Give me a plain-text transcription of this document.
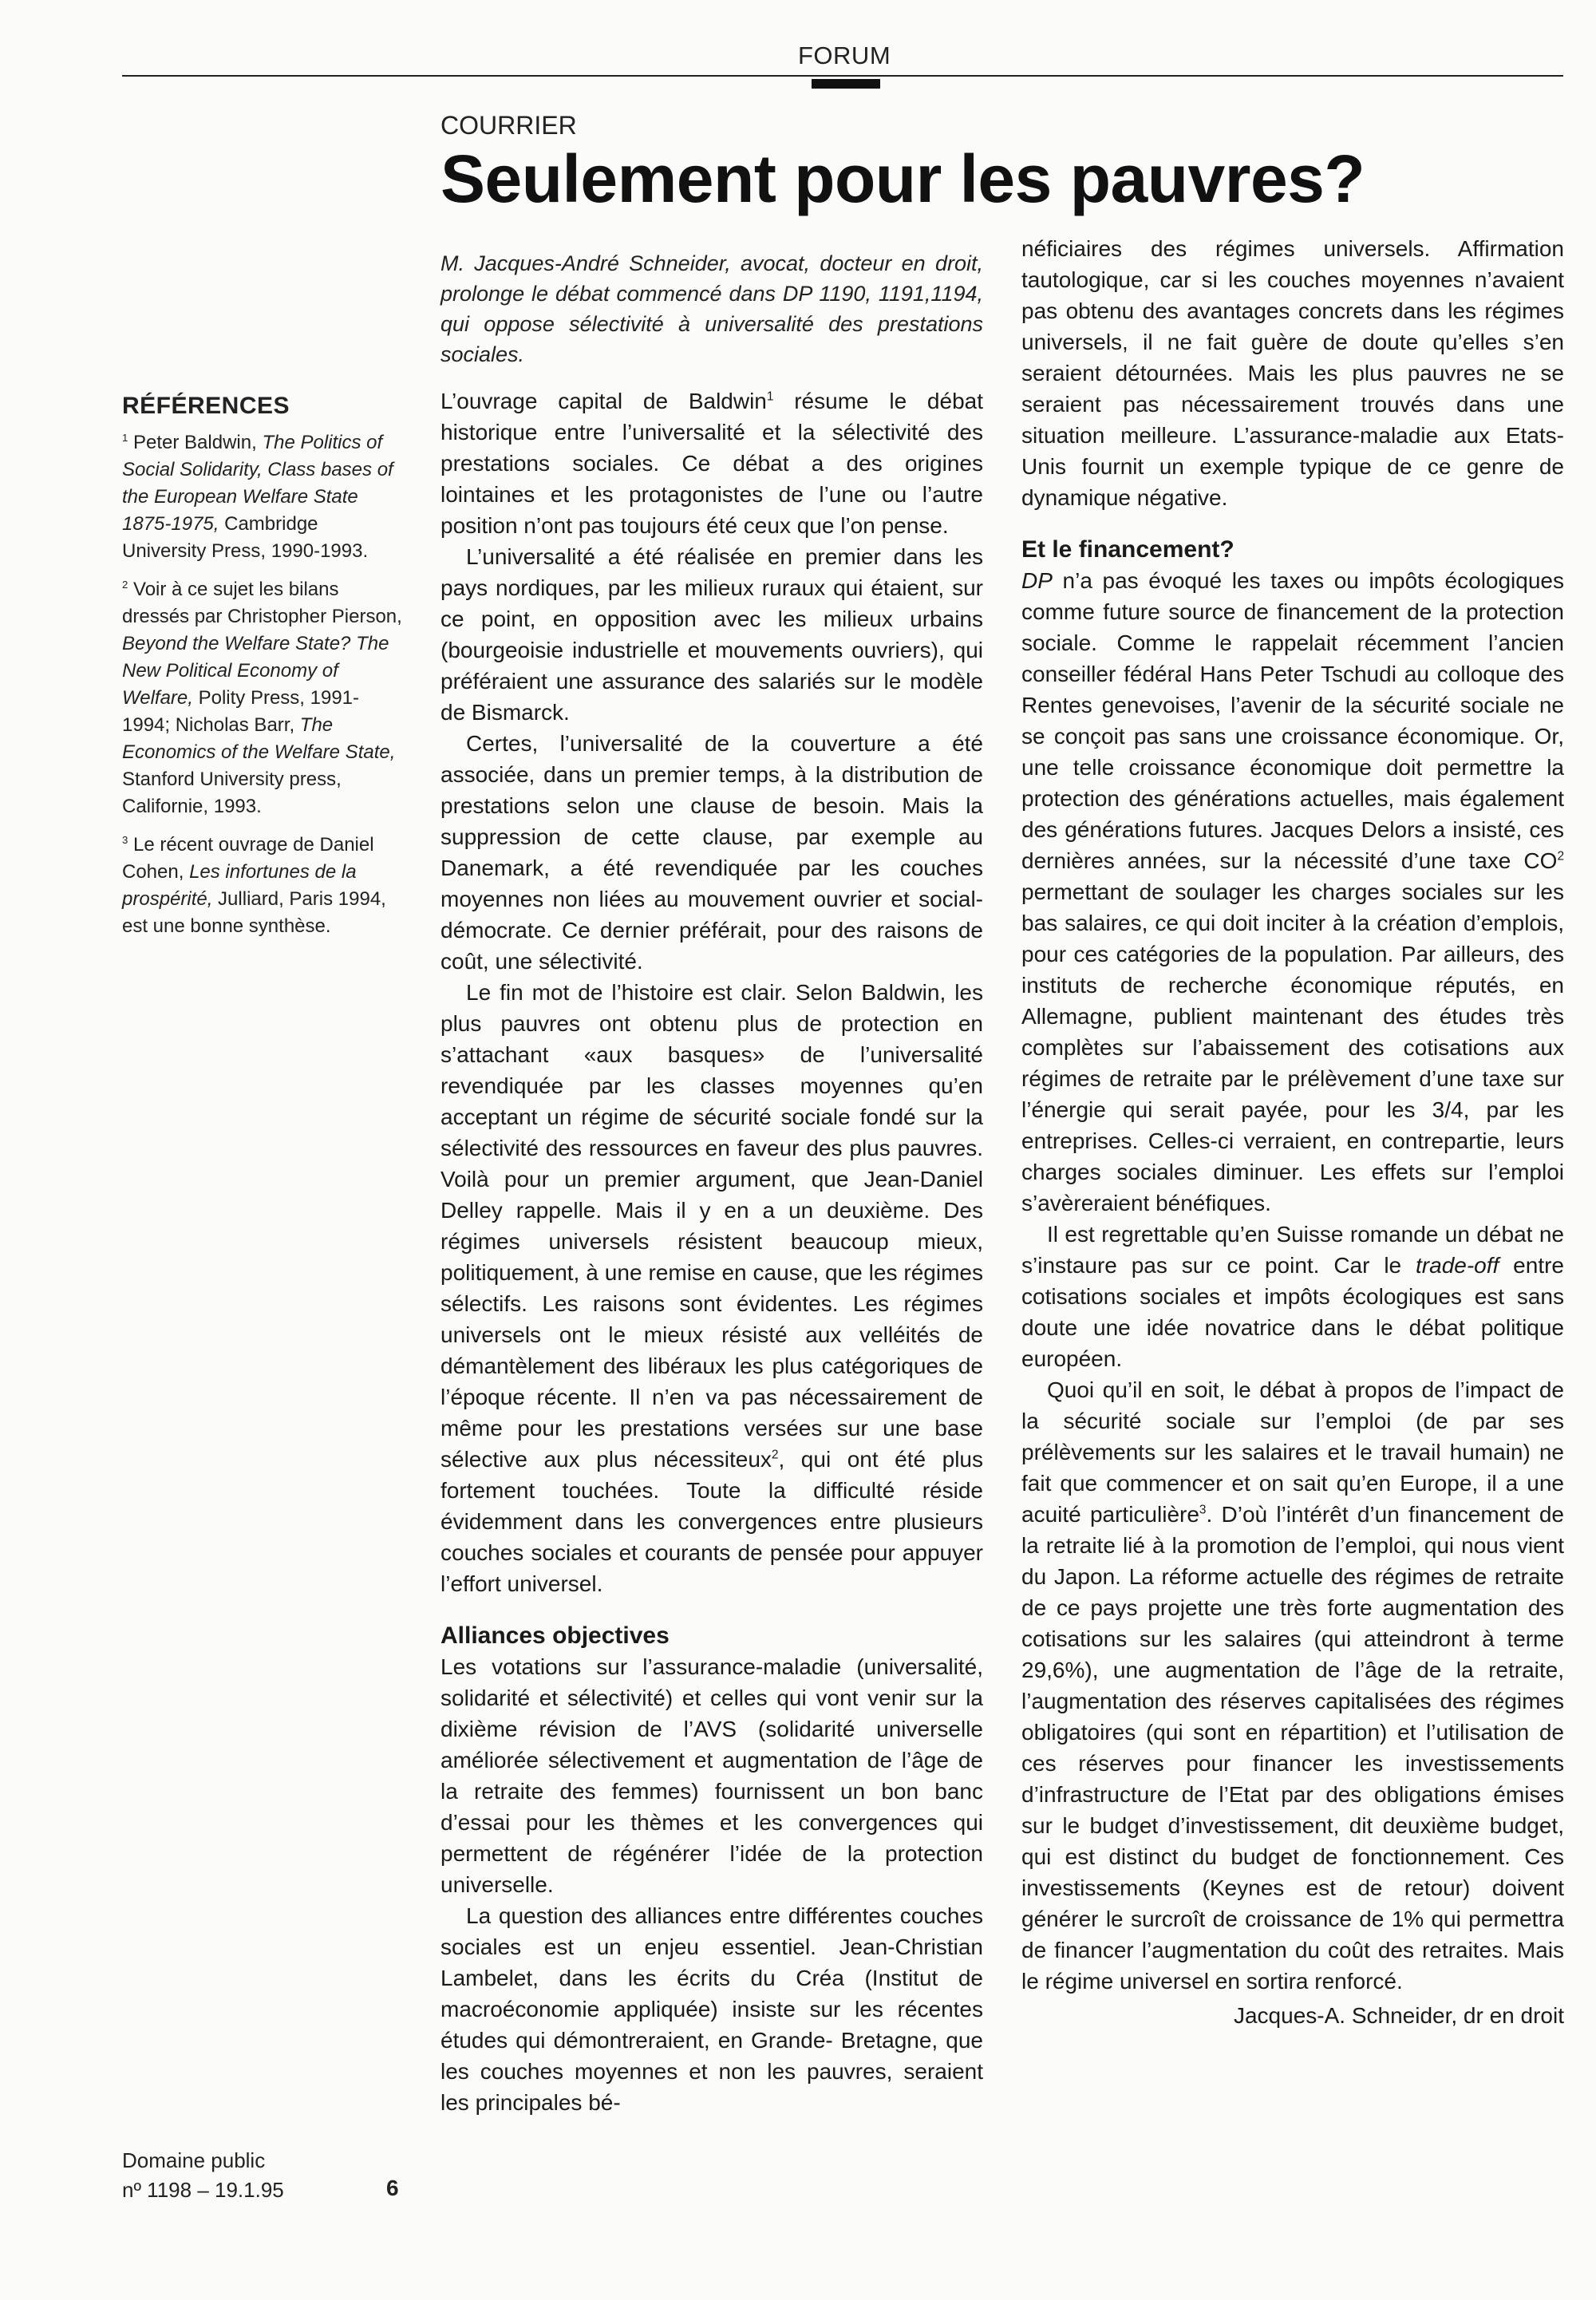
FORUM
COURRIER
Seulement pour les pauvres?
M. Jacques-André Schneider, avocat, docteur en droit, prolonge le débat commencé dans DP 1190, 1191,1194, qui oppose sélectivité à universalité des prestations sociales.
RÉFÉRENCES

$^1$ Peter Baldwin, The Politics of Social Solidarity, Class bases of the European Welfare State 1875-1975, Cambridge University Press, 1990-1993.

$^2$ Voir à ce sujet les bilans dressés par Christopher Pierson, Beyond the Welfare State? The New Political Economy of Welfare, Polity Press, 1991-1994; Nicholas Barr, The Economics of the Welfare State, Stanford University press, Californie, 1993.

$^3$ Le récent ouvrage de Daniel Cohen, Les infortunes de la prospérité, Julliard, Paris 1994, est une bonne synthèse.

L’ouvrage capital de Baldwin$^1$ résume le débat historique entre l’universalité et la sélectivité des prestations sociales. Ce débat a des origines lointaines et les protagonistes de l’une ou l’autre position n’ont pas toujours été ceux que l’on pense.

L’universalité a été réalisée en premier dans les pays nordiques, par les milieux ruraux qui étaient, sur ce point, en opposition avec les milieux urbains (bourgeoisie industrielle et mouvements ouvriers), qui préféraient une assurance des salariés sur le modèle de Bismarck.

Certes, l’universalité de la couverture a été associée, dans un premier temps, à la distribution de prestations selon une clause de besoin. Mais la suppression de cette clause, par exemple au Danemark, a été revendiquée par les couches moyennes non liées au mouvement ouvrier et social-démocrate. Ce dernier préférait, pour des raisons de coût, une sélectivité.

Le fin mot de l’histoire est clair. Selon Baldwin, les plus pauvres ont obtenu plus de protection en s’attachant «aux basques» de l’universalité revendiquée par les classes moyennes qu’en acceptant un régime de sécurité sociale fondé sur la sélectivité des ressources en faveur des plus pauvres. Voilà pour un premier argument, que Jean-Daniel Delley rappelle. Mais il y en a un deuxième. Des régimes universels résistent beaucoup mieux, politiquement, à une remise en cause, que les régimes sélectifs. Les raisons sont évidentes. Les régimes universels ont le mieux résisté aux velléités de démantèlement des libéraux les plus catégoriques de l’époque récente. Il n’en va pas nécessairement de même pour les prestations versées sur une base sélective aux plus nécessiteux$^2$, qui ont été plus fortement touchées. Toute la difficulté réside évidemment dans les convergences entre plusieurs couches sociales et courants de pensée pour appuyer l’effort universel.

Alliances objectives

Les votations sur l’assurance-maladie (universalité, solidarité et sélectivité) et celles qui vont venir sur la dixième révision de l’AVS (solidarité universelle améliorée sélectivement et augmentation de l’âge de la retraite des femmes) fournissent un bon banc d’essai pour les thèmes et les convergences qui permettent de régénérer l’idée de la protection universelle.

La question des alliances entre différentes couches sociales est un enjeu essentiel. Jean-Christian Lambelet, dans les écrits du Créa (Institut de macroéconomie appliquée) insiste sur les récentes études qui démontreraient, en Grande- Bretagne, que les couches moyennes et non les pauvres, seraient les principales bé-

néficiaires des régimes universels. Affirmation tautologique, car si les couches moyennes n’avaient pas obtenu des avantages concrets dans les régimes universels, il ne fait guère de doute qu’elles s’en seraient détournées. Mais les plus pauvres ne se seraient pas nécessairement trouvés dans une situation meilleure. L’assurance-maladie aux Etats-Unis fournit un exemple typique de ce genre de dynamique négative.

Et le financement?

DP n’a pas évoqué les taxes ou impôts écologiques comme future source de financement de la protection sociale. Comme le rappelait récemment l’ancien conseiller fédéral Hans Peter Tschudi au colloque des Rentes genevoises, l’avenir de la sécurité sociale ne se conçoit pas sans une croissance économique. Or, une telle croissance économique doit permettre la protection des générations actuelles, mais également des générations futures. Jacques Delors a insisté, ces dernières années, sur la nécessité d’une taxe $CO^2$ permettant de soulager les charges sociales sur les bas salaires, ce qui doit inciter à la création d’emplois, pour ces catégories de la population. Par ailleurs, des instituts de recherche économique réputés, en Allemagne, publient maintenant des études très complètes sur l’abaissement des cotisations aux régimes de retraite par le prélèvement d’une taxe sur l’énergie qui serait payée, pour les 3/4, par les entreprises. Celles-ci verraient, en contrepartie, leurs charges sociales diminuer. Les effets sur l’emploi s’avèreraient bénéfiques.

Il est regrettable qu’en Suisse romande un débat ne s’instaure pas sur ce point. Car le trade-off entre cotisations sociales et impôts écologiques est sans doute une idée novatrice dans le débat politique européen.

Quoi qu’il en soit, le débat à propos de l’impact de la sécurité sociale sur l’emploi (de par ses prélèvements sur les salaires et le travail humain) ne fait que commencer et on sait qu’en Europe, il a une acuité particulière$^3$. D’où l’intérêt d’un financement de la retraite lié à la promotion de l’emploi, qui nous vient du Japon. La réforme actuelle des régimes de retraite de ce pays projette une très forte augmentation des cotisations sur les salaires (qui atteindront à terme 29,6%), une augmentation de l’âge de la retraite, l’augmentation des réserves capitalisées des régimes obligatoires (qui sont en répartition) et l’utilisation de ces réserves pour financer les investissements d’infrastructure de l’Etat par des obligations émises sur le budget d’investissement, dit deuxième budget, qui est distinct du budget de fonctionnement. Ces investissements (Keynes est de retour) doivent générer le surcroît de croissance de 1% qui permettra de financer l’augmentation du coût des retraites. Mais le régime universel en sortira renforcé.

Jacques-A. Schneider, dr en droit
Domaine public
nº 1198 – 19.1.95	6
